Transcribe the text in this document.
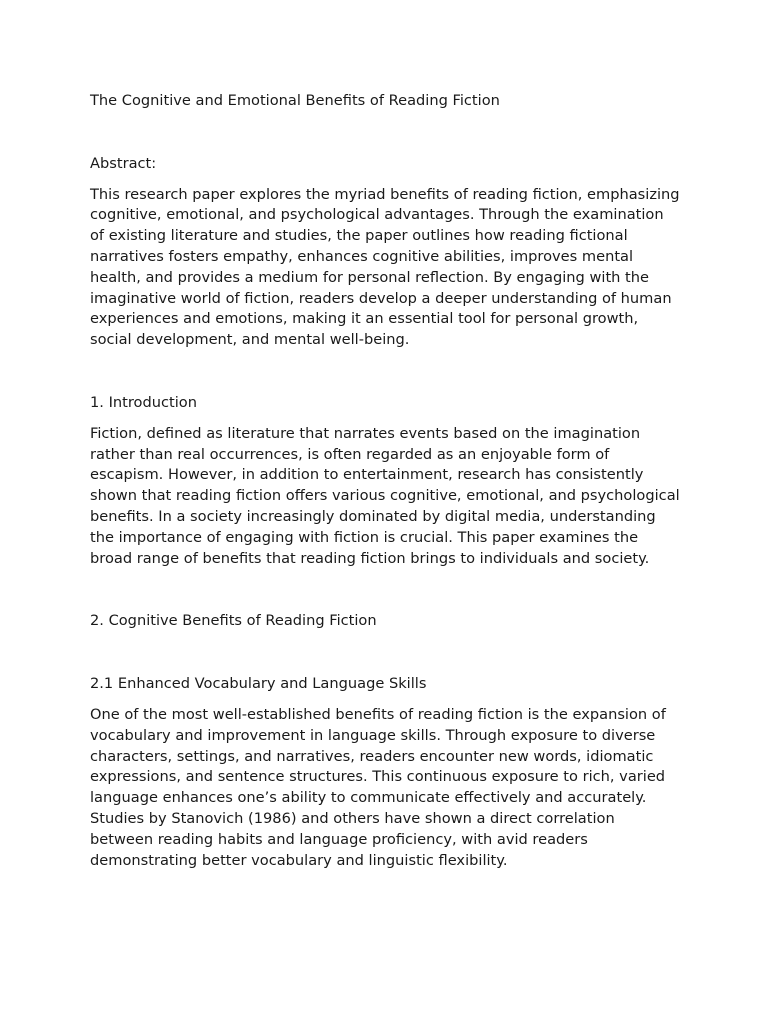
The Cognitive and Emotional Benefits of Reading Fiction

Abstract:

This research paper explores the myriad benefits of reading fiction, emphasizing cognitive, emotional, and psychological advantages. Through the examination of existing literature and studies, the paper outlines how reading fictional narratives fosters empathy, enhances cognitive abilities, improves mental health, and provides a medium for personal reflection. By engaging with the imaginative world of fiction, readers develop a deeper understanding of human experiences and emotions, making it an essential tool for personal growth, social development, and mental well-being.

1. Introduction

Fiction, defined as literature that narrates events based on the imagination rather than real occurrences, is often regarded as an enjoyable form of escapism. However, in addition to entertainment, research has consistently shown that reading fiction offers various cognitive, emotional, and psychological benefits. In a society increasingly dominated by digital media, understanding the importance of engaging with fiction is crucial. This paper examines the broad range of benefits that reading fiction brings to individuals and society.

2. Cognitive Benefits of Reading Fiction

2.1 Enhanced Vocabulary and Language Skills

One of the most well-established benefits of reading fiction is the expansion of vocabulary and improvement in language skills. Through exposure to diverse characters, settings, and narratives, readers encounter new words, idiomatic expressions, and sentence structures. This continuous exposure to rich, varied language enhances one’s ability to communicate effectively and accurately. Studies by Stanovich (1986) and others have shown a direct correlation between reading habits and language proficiency, with avid readers demonstrating better vocabulary and linguistic flexibility.
